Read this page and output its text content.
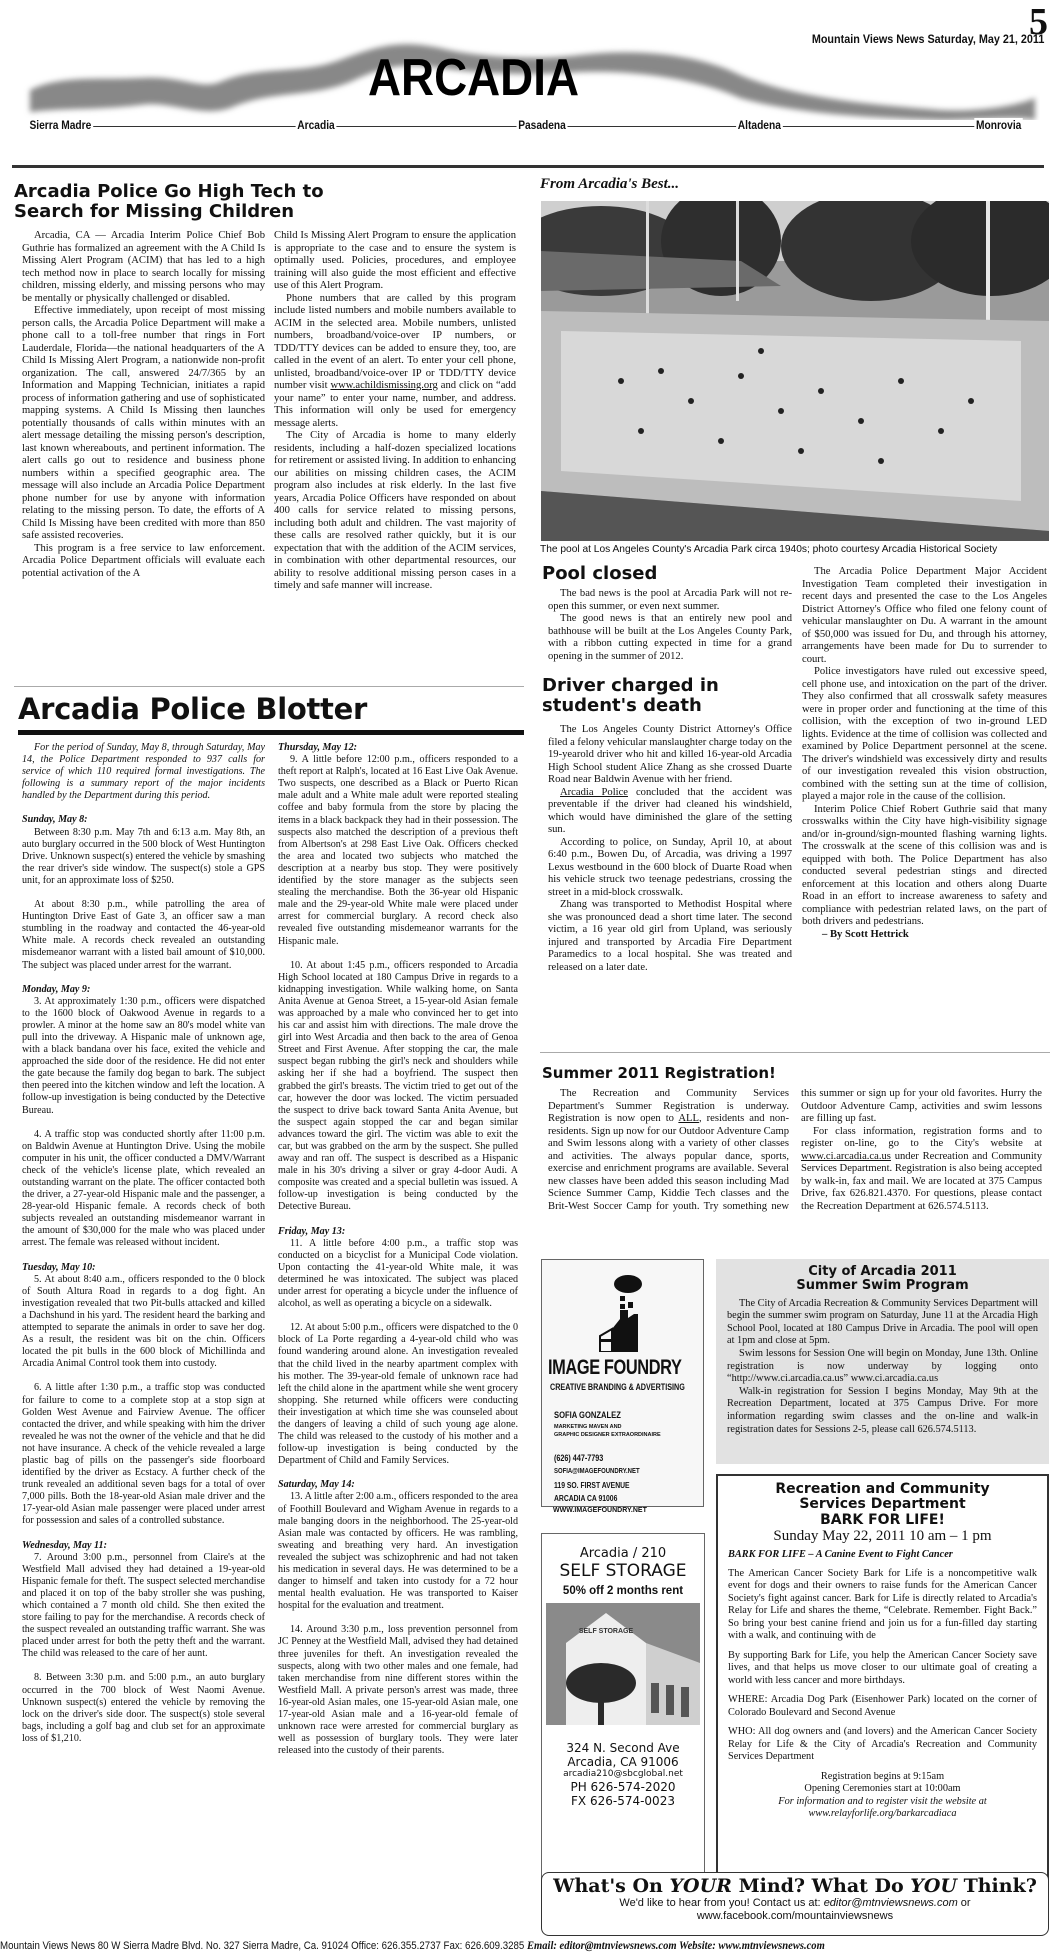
5
Mountain Views News Saturday, May 21, 2011
ARCADIA
Sierra Madre	Arcadia	Pasadena	Altadena	Monrovia
Arcadia Police Go High Tech to Search for Missing Children

Arcadia, CA — Arcadia Interim Police Chief Bob Guthrie has formalized an agreement with the A Child Is Missing Alert Program (ACIM) that has led to a high tech method now in place to search locally for missing children, missing elderly, and missing persons who may be mentally or physically challenged or disabled.

Effective immediately, upon receipt of most missing person calls, the Arcadia Police Department will make a phone call to a toll-free number that rings in Fort Lauderdale, Florida—the national headquarters of the A Child Is Missing Alert Program, a nationwide non-profit organization. The call, answered 24/7/365 by an Information and Mapping Technician, initiates a rapid process of information gathering and use of sophisticated mapping systems. A Child Is Missing then launches potentially thousands of calls within minutes with an alert message detailing the missing person's description, last known whereabouts, and pertinent information. The alert calls go out to residence and business phone numbers within a specified geographic area. The message will also include an Arcadia Police Department phone number for use by anyone with information relating to the missing person. To date, the efforts of A Child Is Missing have been credited with more than 850 safe assisted recoveries.

This program is a free service to law enforcement. Arcadia Police Department officials will evaluate each potential activation of the A

Child Is Missing Alert Program to ensure the application is appropriate to the case and to ensure the system is optimally used. Policies, procedures, and employee training will also guide the most efficient and effective use of this Alert Program.

Phone numbers that are called by this program include listed numbers and mobile numbers available to ACIM in the selected area. Mobile numbers, unlisted numbers, broadband/voice-over IP numbers, or TDD/TTY devices can be added to ensure they, too, are called in the event of an alert. To enter your cell phone, unlisted, broadband/voice-over IP or TDD/TTY device number visit www.achildismissing.org and click on “add your name” to enter your name, number, and address. This information will only be used for emergency message alerts.

The City of Arcadia is home to many elderly residents, including a half-dozen specialized locations for retirement or assisted living. In addition to enhancing our abilities on missing children cases, the ACIM program also includes at risk elderly. In the last five years, Arcadia Police Officers have responded on about 400 calls for service related to missing persons, including both adult and children. The vast majority of these calls are resolved rather quickly, but it is our expectation that with the addition of the ACIM services, in combination with other departmental resources, our ability to resolve additional missing person cases in a timely and safe manner will increase.

Arcadia Police Blotter

For the period of Sunday, May 8, through Saturday, May 14, the Police Department responded to 937 calls for service of which 110 required formal investigations. The following is a summary report of the major incidents handled by the Department during this period.

Sunday, May 8:

Between 8:30 p.m. May 7th and 6:13 a.m. May 8th, an auto burglary occurred in the 500 block of West Huntington Drive. Unknown suspect(s) entered the vehicle by smashing the rear driver's side window. The suspect(s) stole a GPS unit, for an approximate loss of $250.

At about 8:30 p.m., while patrolling the area of Huntington Drive East of Gate 3, an officer saw a man stumbling in the roadway and contacted the 46-year-old White male. A records check revealed an outstanding misdemeanor warrant with a listed bail amount of $10,000. The subject was placed under arrest for the warrant.

Monday, May 9:

3. At approximately 1:30 p.m., officers were dispatched to the 1600 block of Oakwood Avenue in regards to a prowler. A minor at the home saw an 80's model white van pull into the driveway. A Hispanic male of unknown age, with a black bandana over his face, exited the vehicle and approached the side door of the residence. He did not enter the gate because the family dog began to bark. The subject then peered into the kitchen window and left the location. A follow-up investigation is being conducted by the Detective Bureau.

4. A traffic stop was conducted shortly after 11:00 p.m. on Baldwin Avenue at Huntington Drive. Using the mobile computer in his unit, the officer conducted a DMV/Warrant check of the vehicle's license plate, which revealed an outstanding warrant on the plate. The officer contacted both the driver, a 27-year-old Hispanic male and the passenger, a 28-year-old Hispanic female. A records check of both subjects revealed an outstanding misdemeanor warrant in the amount of $30,000 for the male who was placed under arrest. The female was released without incident.

Tuesday, May 10:

5. At about 8:40 a.m., officers responded to the 0 block of South Altura Road in regards to a dog fight. An investigation revealed that two Pit-bulls attacked and killed a Dachshund in his yard. The resident heard the barking and attempted to separate the animals in order to save her dog. As a result, the resident was bit on the chin. Officers located the pit bulls in the 600 block of Michillinda and Arcadia Animal Control took them into custody.

6. A little after 1:30 p.m., a traffic stop was conducted for failure to come to a complete stop at a stop sign at Golden West Avenue and Fairview Avenue. The officer contacted the driver, and while speaking with him the driver revealed he was not the owner of the vehicle and that he did not have insurance. A check of the vehicle revealed a large plastic bag of pills on the passenger's side floorboard identified by the driver as Ecstacy. A further check of the trunk revealed an additional seven bags for a total of over 7,000 pills. Both the 18-year-old Asian male driver and the 17-year-old Asian male passenger were placed under arrest for possession and sales of a controlled substance.

Wednesday, May 11:

7. Around 3:00 p.m., personnel from Claire's at the Westfield Mall advised they had detained a 19-year-old Hispanic female for theft. The suspect selected merchandise and placed it on top of the baby stroller she was pushing, which contained a 7 month old child. She then exited the store failing to pay for the merchandise. A records check of the suspect revealed an outstanding traffic warrant. She was placed under arrest for both the petty theft and the warrant. The child was released to the care of her aunt.

8. Between 3:30 p.m. and 5:00 p.m., an auto burglary occurred in the 700 block of West Naomi Avenue. Unknown suspect(s) entered the vehicle by removing the lock on the driver's side door. The suspect(s) stole several bags, including a golf bag and club set for an approximate loss of $1,210.

Thursday, May 12:

9. A little before 12:00 p.m., officers responded to a theft report at Ralph's, located at 16 East Live Oak Avenue. Two suspects, one described as a Black or Puerto Rican male adult and a White male adult were reported stealing coffee and baby formula from the store by placing the items in a black backpack they had in their possession. The suspects also matched the description of a previous theft from Albertson's at 298 East Live Oak. Officers checked the area and located two subjects who matched the description at a nearby bus stop. They were positively identified by the store manager as the subjects seen stealing the merchandise. Both the 36-year old Hispanic male and the 29-year-old White male were placed under arrest for commercial burglary. A record check also revealed five outstanding misdemeanor warrants for the Hispanic male.

10. At about 1:45 p.m., officers responded to Arcadia High School located at 180 Campus Drive in regards to a kidnapping investigation. While walking home, on Santa Anita Avenue at Genoa Street, a 15-year-old Asian female was approached by a male who convinced her to get into his car and assist him with directions. The male drove the girl into West Arcadia and then back to the area of Genoa Street and First Avenue. After stopping the car, the male suspect began rubbing the girl's neck and shoulders while asking her if she had a boyfriend. The suspect then grabbed the girl's breasts. The victim tried to get out of the car, however the door was locked. The victim persuaded the suspect to drive back toward Santa Anita Avenue, but the suspect again stopped the car and began similar advances toward the girl. The victim was able to exit the car, but was grabbed on the arm by the suspect. She pulled away and ran off. The suspect is described as a Hispanic male in his 30's driving a silver or gray 4-door Audi. A composite was created and a special bulletin was issued. A follow-up investigation is being conducted by the Detective Bureau.

Friday, May 13:

11. A little before 4:00 p.m., a traffic stop was conducted on a bicyclist for a Municipal Code violation. Upon contacting the 41-year-old White male, it was determined he was intoxicated. The subject was placed under arrest for operating a bicycle under the influence of alcohol, as well as operating a bicycle on a sidewalk.

12. At about 5:00 p.m., officers were dispatched to the 0 block of La Porte regarding a 4-year-old child who was found wandering around alone. An investigation revealed that the child lived in the nearby apartment complex with his mother. The 39-year-old female of unknown race had left the child alone in the apartment while she went grocery shopping. She returned while officers were conducting their investigation at which time she was counseled about the dangers of leaving a child of such young age alone. The child was released to the custody of his mother and a follow-up investigation is being conducted by the Department of Child and Family Services.

Saturday, May 14:

13. A little after 2:00 a.m., officers responded to the area of Foothill Boulevard and Wigham Avenue in regards to a male banging doors in the neighborhood. The 25-year-old Asian male was contacted by officers. He was rambling, sweating and breathing very hard. An investigation revealed the subject was schizophrenic and had not taken his medication in several days. He was determined to be a danger to himself and taken into custody for a 72 hour mental health evaluation. He was transported to Kaiser hospital for the evaluation and treatment.

14. Around 3:30 p.m., loss prevention personnel from JC Penney at the Westfield Mall, advised they had detained three juveniles for theft. An investigation revealed the suspects, along with two other males and one female, had taken merchandise from nine different stores within the Westfield Mall. A private person's arrest was made, three 16-year-old Asian males, one 15-year-old Asian male, one 17-year-old Asian male and a 16-year-old female of unknown race were arrested for commercial burglary as well as possession of burglary tools. They were later released into the custody of their parents.

From Arcadia's Best...
The pool at Los Angeles County's Arcadia Park circa 1940s; photo courtesy Arcadia Historical Society
Pool closed

The bad news is the pool at Arcadia Park will not re-open this summer, or even next summer.

The good news is that an entirely new pool and bathhouse will be built at the Los Angeles County Park, with a ribbon cutting expected in time for a grand opening in the summer of 2012.

Driver charged in student's death

The Los Angeles County District Attorney's Office filed a felony vehicular manslaughter charge today on the 19-yearold driver who hit and killed 16-year-old Arcadia High School student Alice Zhang as she crossed Duarte Road near Baldwin Avenue with her friend.

Arcadia Police concluded that the accident was preventable if the driver had cleaned his windshield, which would have diminished the glare of the setting sun.

According to police, on Sunday, April 10, at about 6:40 p.m., Bowen Du, of Arcadia, was driving a 1997 Lexus westbound in the 600 block of Duarte Road when his vehicle struck two teenage pedestrians, crossing the street in a mid-block crosswalk.

Zhang was transported to Methodist Hospital where she was pronounced dead a short time later. The second victim, a 16 year old girl from Upland, was seriously injured and transported by Arcadia Fire Department Paramedics to a local hospital. She was treated and released on a later date.

The Arcadia Police Department Major Accident Investigation Team completed their investigation in recent days and presented the case to the Los Angeles District Attorney's Office who filed one felony count of vehicular manslaughter on Du. A warrant in the amount of $50,000 was issued for Du, and through his attorney, arrangements have been made for Du to surrender to court.

Police investigators have ruled out excessive speed, cell phone use, and intoxication on the part of the driver. They also confirmed that all crosswalk safety measures were in proper order and functioning at the time of this collision, with the exception of two in-ground LED lights. Evidence at the time of collision was collected and examined by Police Department personnel at the scene. The driver's windshield was excessively dirty and results of our investigation revealed this vision obstruction, combined with the setting sun at the time of collision, played a major role in the cause of the collision.

Interim Police Chief Robert Guthrie said that many crosswalks within the City have high-visibility signage and/or in-ground/sign-mounted flashing warning lights. The crosswalk at the scene of this collision was and is equipped with both. The Police Department has also conducted several pedestrian stings and directed enforcement at this location and others along Duarte Road in an effort to increase awareness to safety and compliance with pedestrian related laws, on the part of both drivers and pedestrians.

– By Scott Hettrick

Summer 2011 Registration!

The Recreation and Community Services Department's Summer Registration is underway. Registration is now open to ALL, residents and non-residents. Sign up now for our Outdoor Adventure Camp and Swim lessons along with a variety of other classes and activities. The always popular dance, sports, exercise and enrichment programs are available. Several new classes have been added this season including Mad Science Summer Camp, Kiddie Tech classes and the Brit-West Soccer Camp for youth. Try something new this summer or sign up for your old favorites. Hurry the Outdoor Adventure Camp, activities and swim lessons are filling up fast.

For class information, registration forms and to register on-line, go to the City's website at www.ci.arcadia.ca.us under Recreation and Community Services Department. Registration is also being accepted by walk-in, fax and mail. We are located at 375 Campus Drive, fax 626.821.4370. For questions, please contact the Recreation Department at 626.574.5113.

IMAGE FOUNDRY
CREATIVE BRANDING & ADVERTISING
SOFIA GONZALEZ
MARKETING MAVEN AND
GRAPHIC DESIGNER EXTRAORDINAIRE
(626) 447-7793
SOFIA@IMAGEFOUNDRY.NET
119 SO. FIRST AVENUE
ARCADIA CA 91006
WWW.IMAGEFOUNDRY.NET
Arcadia / 210
SELF STORAGE
50% off 2 months rent
SELF STORAGE
324 N. Second Ave
Arcadia, CA 91006
arcadia210@sbcglobal.net
PH 626-574-2020
FX 626-574-0023
City of Arcadia 2011
Summer Swim Program

The City of Arcadia Recreation & Community Services Department will begin the summer swim program on Saturday, June 11 at the Arcadia High School Pool, located at 180 Campus Drive in Arcadia. The pool will open at 1pm and close at 5pm.

Swim lessons for Session One will begin on Monday, June 13th. Online registration is now underway by logging onto “http://www.ci.arcadia.ca.us” www.ci.arcadia.ca.us

Walk-in registration for Session I begins Monday, May 9th at the Recreation Department, located at 375 Campus Drive. For more information regarding swim classes and the on-line and walk-in registration dates for Sessions 2-5, please call 626.574.5113.

Recreation and Community
Services Department
BARK FOR LIFE!
Sunday May 22, 2011 10 am – 1 pm

BARK FOR LIFE – A Canine Event to Fight Cancer

The American Cancer Society Bark for Life is a noncompetitive walk event for dogs and their owners to raise funds for the American Cancer Society's fight against cancer. Bark for Life is directly related to Arcadia's Relay for Life and shares the theme, “Celebrate. Remember. Fight Back.” So bring your best canine friend and join us for a fun-filled day starting with a walk, and continuing with de

By supporting Bark for Life, you help the American Cancer Society save lives, and that helps us move closer to our ultimate goal of creating a world with less cancer and more birthdays.

WHERE: Arcadia Dog Park (Eisenhower Park) located on the corner of Colorado Boulevard and Second Avenue

WHO: All dog owners and (and lovers) and the American Cancer Society Relay for Life & the City of Arcadia's Recreation and Community Services Department

Registration begins at 9:15am

Opening Ceremonies start at 10:00am

For information and to register visit the website at www.relayforlife.org/barkarcadiaca

What's On YOUR Mind? What Do YOU Think?
We'd like to hear from you! Contact us at: editor@mtnviewsnews.com or
www.facebook.com/mountainviewsnews
Mountain Views News 80 W Sierra Madre Blvd. No. 327 Sierra Madre, Ca. 91024 Office: 626.355.2737 Fax: 626.609.3285 Email: editor@mtnviewsnews.com Website: www.mtnviewsnews.com
